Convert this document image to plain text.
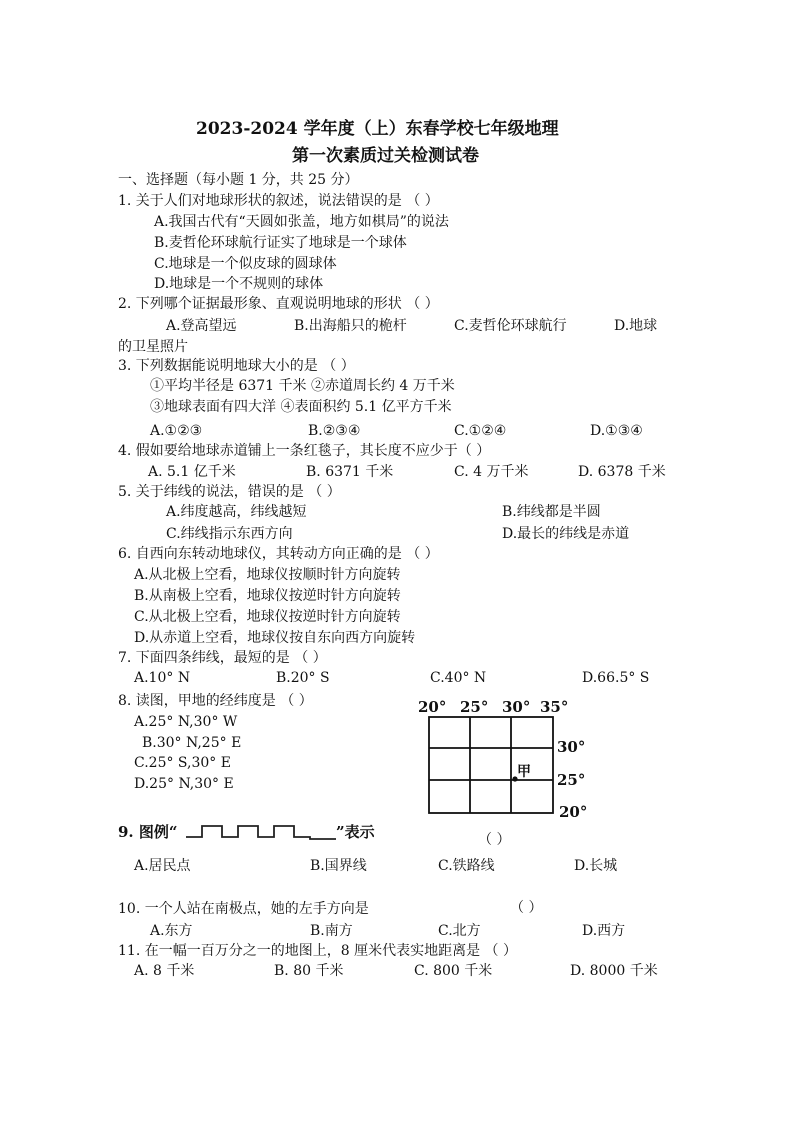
2023-2024 学年度（上）东春学校七年级地理
第一次素质过关检测试卷
一、选择题（每小题 1 分，共 25 分）
1. 关于人们对地球形状的叙述，说法错误的是 （ ）
A.我国古代有“天圆如张盖，地方如棋局”的说法
B.麦哲伦环球航行证实了地球是一个球体
C.地球是一个似皮球的圆球体
D.地球是一个不规则的球体
2. 下列哪个证据最形象、直观说明地球的形状 （ ）
A.登高望远	B.出海船只的桅杆	C.麦哲伦环球航行	D.地球
的卫星照片
3. 下列数据能说明地球大小的是 （ ）
①平均半径是 6371 千米 ②赤道周长约 4 万千米
③地球表面有四大洋 ④表面积约 5.1 亿平方千米
A.①②③	B.②③④	C.①②④	D.①③④
4. 假如要给地球赤道铺上一条红毯子，其长度不应少于（ ）
A. 5.1 亿千米	B. 6371 千米	C. 4 万千米	D. 6378 千米
5. 关于纬线的说法，错误的是 （ ）
A.纬度越高，纬线越短	B.纬线都是半圆
C.纬线指示东西方向	D.最长的纬线是赤道
6. 自西向东转动地球仪，其转动方向正确的是 （ ）
A.从北极上空看，地球仪按顺时针方向旋转
B.从南极上空看，地球仪按逆时针方向旋转
C.从北极上空看，地球仪按逆时针方向旋转
D.从赤道上空看，地球仪按自东向西方向旋转
7. 下面四条纬线，最短的是 （ ）
A.10° N	B.20° S	C.40° N	D.66.5° S
8. 读图，甲地的经纬度是 （ ）
A.25° N,30° W
B.30° N,25° E
C.25° S,30° E
D.25° N,30° E
20° 25° 30° 35°
30°
25°
20°
甲
9. 图例“	”表示	（ ）
A.居民点	B.国界线	C.铁路线	D.长城
10. 一个人站在南极点，她的左手方向是	（ ）
A.东方	B.南方	C.北方	D.西方
11. 在一幅一百万分之一的地图上，8 厘米代表实地距离是 （ ）
A. 8 千米	B. 80 千米	C. 800 千米	D. 8000 千米
